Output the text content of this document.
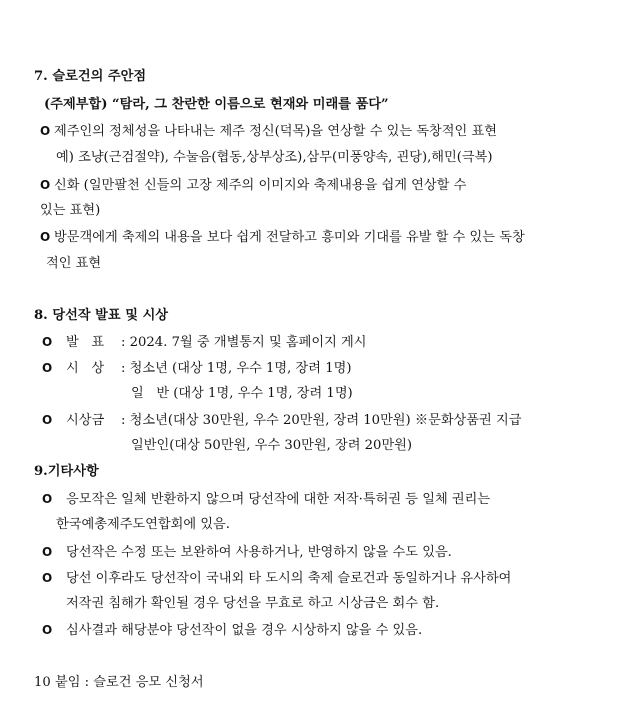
7. 슬로건의 주안점
(주제부합) “탐라, 그 찬란한 이름으로 현재와 미래를 품다”
O 제주인의 정체성을 나타내는 제주 정신(덕목)을 연상할 수 있는 독창적인 표현
예) 조냥(근검절약), 수눌음(협동,상부상조),삼무(미풍양속, 괸당),해민(극복)
O 신화 (일만팔천 신들의 고장 제주의 이미지와 축제내용을 쉽게 연상할 수
있는 표현)
O 방문객에게 축제의 내용을 보다 쉽게 전달하고 흥미와 기대를 유발 할 수 있는 독창
적인 표현
8. 당선작 발표 및 시상
O 발   표 : 2024. 7월 중 개별통지 및 홈페이지 게시
O 시   상 : 청소년 (대상 1명, 우수 1명, 장려 1명)
일   반 (대상 1명, 우수 1명, 장려 1명)
O 시상금 : 청소년(대상 30만원, 우수 20만원, 장려 10만원) ※문화상품권 지급
일반인(대상 50만원, 우수 30만원, 장려 20만원)
9.기타사항
O 응모작은 일체 반환하지 않으며 당선작에 대한 저작·특허권 등 일체 권리는
한국예총제주도연합회에 있음.
O 당선작은 수정 또는 보완하여 사용하거나, 반영하지 않을 수도 있음.
O 당선 이후라도 당선작이 국내외 타 도시의 축제 슬로건과 동일하거나 유사하여
저작권 침해가 확인될 경우 당선을 무효로 하고 시상금은 회수 함.
O 심사결과 해당분야 당선작이 없을 경우 시상하지 않을 수 있음.
10 붙임 : 슬로건 응모 신청서
